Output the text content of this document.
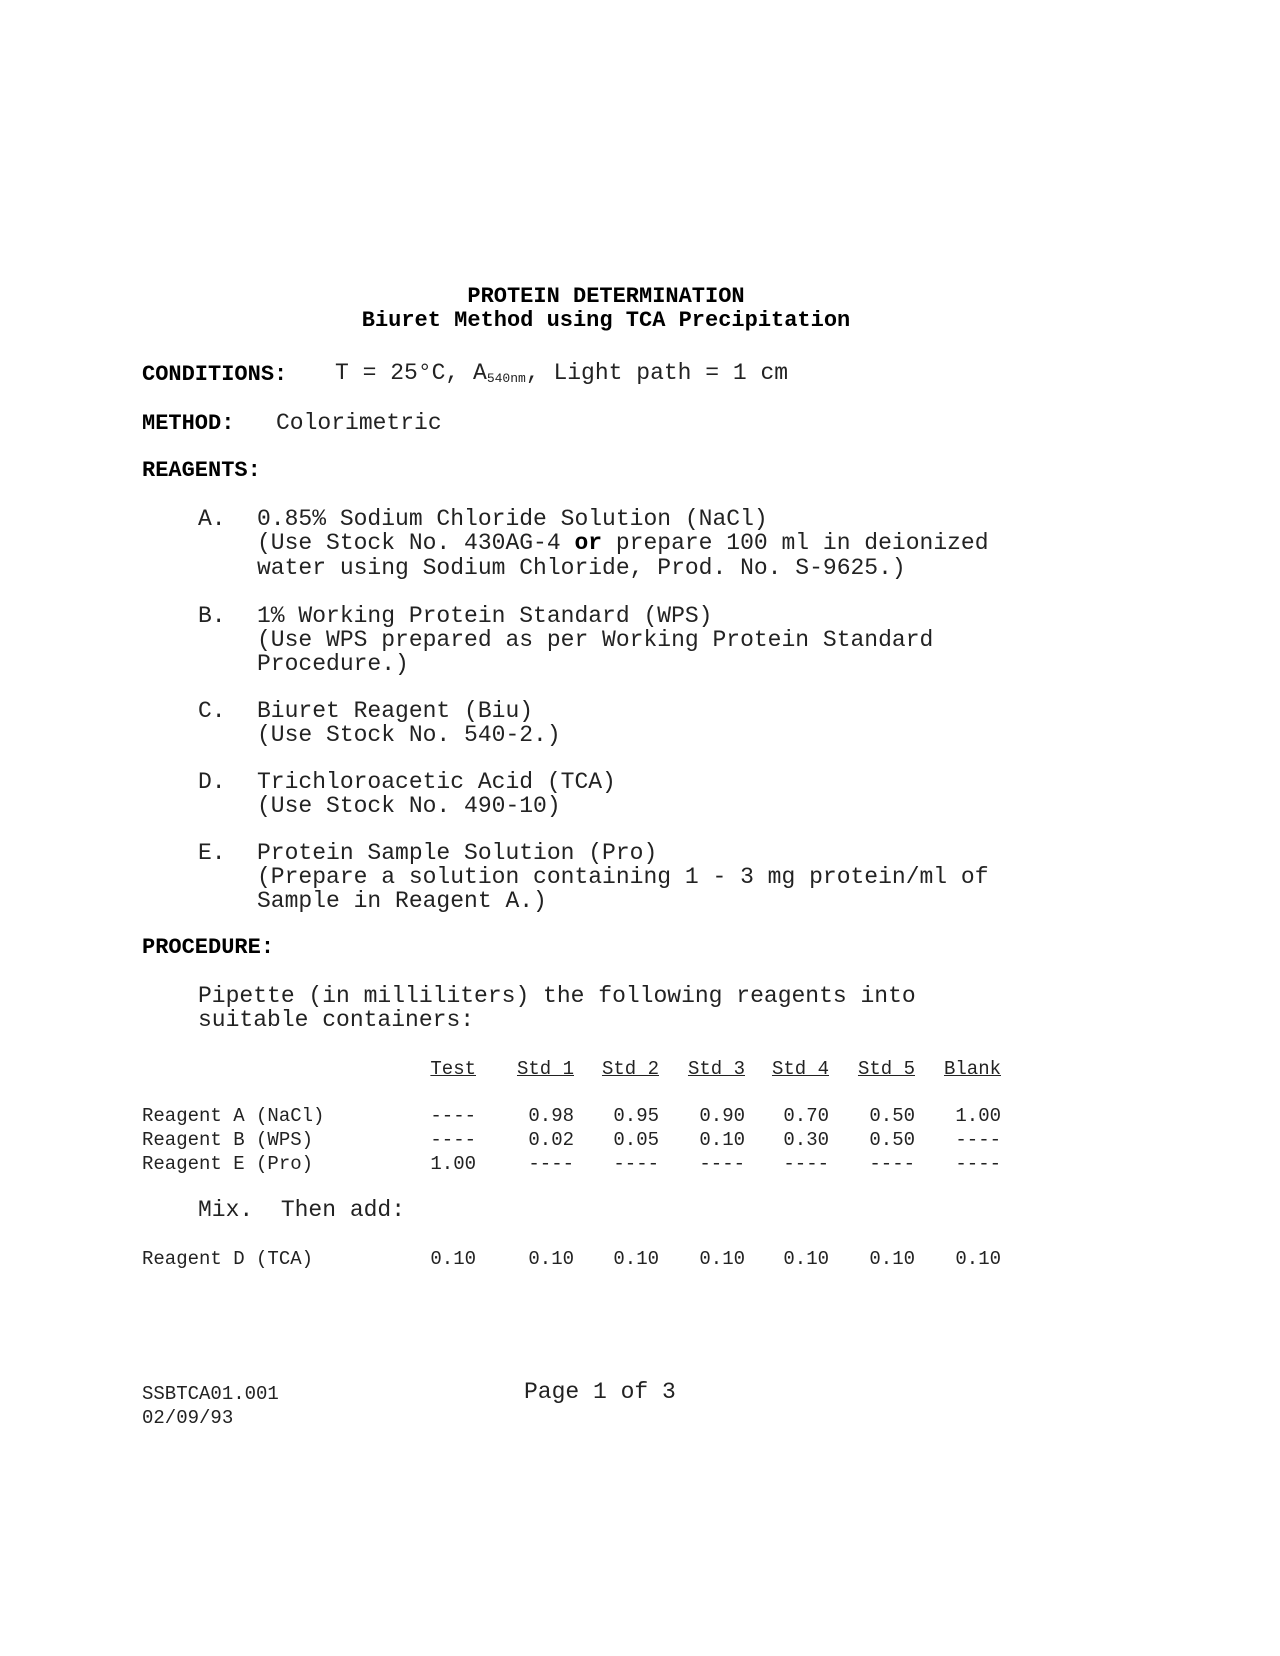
PROTEIN DETERMINATION
Biuret Method using TCA Precipitation
CONDITIONS: T = 25°C, $A_{540nm}$, Light path = 1 cm
METHOD: Colorimetric
REAGENTS:
A. 0.85% Sodium Chloride Solution (NaCl)
(Use Stock No. 430AG-4 or prepare 100 ml in deionized
water using Sodium Chloride, Prod. No. S-9625.)
B. 1% Working Protein Standard (WPS)
(Use WPS prepared as per Working Protein Standard
Procedure.)
C. Biuret Reagent (Biu)
(Use Stock No. 540-2.)
D. Trichloroacetic Acid (TCA)
(Use Stock No. 490-10)
E. Protein Sample Solution (Pro)
(Prepare a solution containing 1 - 3 mg protein/ml of
Sample in Reagent A.)
PROCEDURE:
Pipette (in milliliters) the following reagents into
suitable containers:
Test	Std 1	Std 2	Std 3	Std 4	Std 5	Blank
Reagent A (NaCl)	----	0.98	0.95	0.90	0.70	0.50	1.00
Reagent B (WPS)	----	0.02	0.05	0.10	0.30	0.50	----
Reagent E (Pro)	1.00	----	----	----	----	----	----
Mix.  Then add:
Reagent D (TCA)	0.10	0.10	0.10	0.10	0.10	0.10	0.10
SSBTCA01.001
02/09/93
Page 1 of 3
